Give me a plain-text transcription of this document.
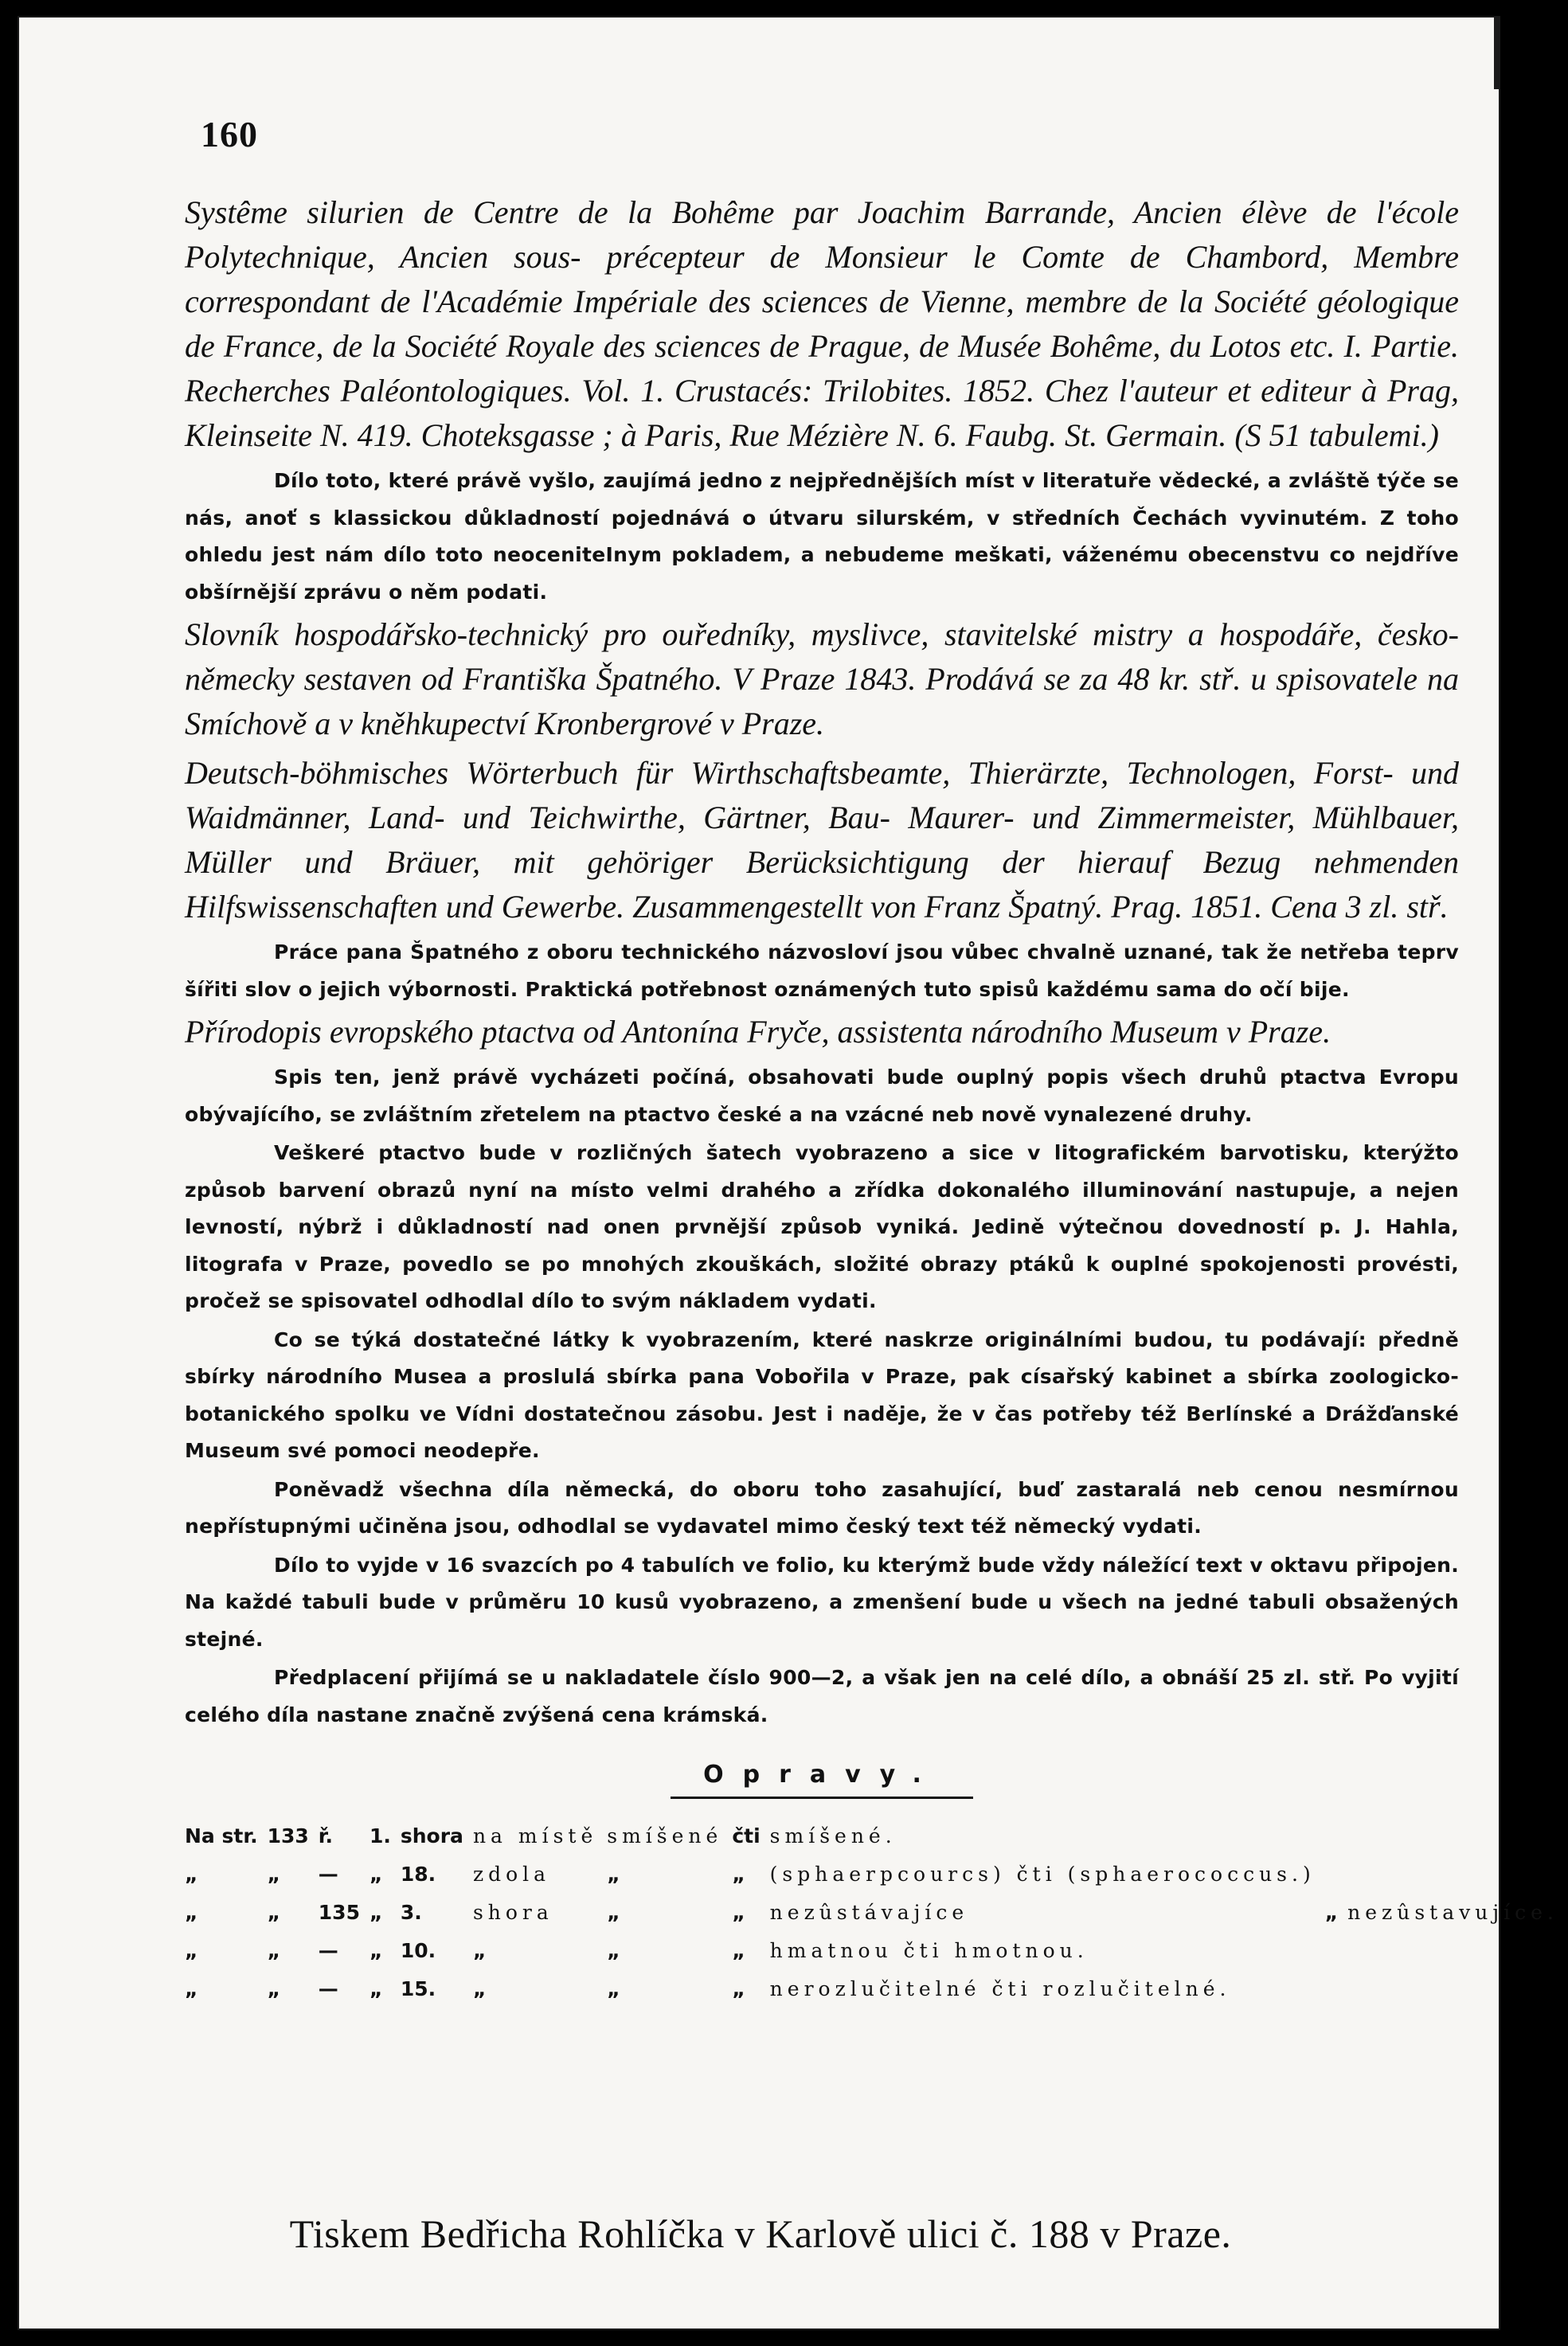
160

Systême silurien de Centre de la Bohême par Joachim Barrande, Ancien élève de l'école Polytechnique, Ancien sous- précepteur de Monsieur le Comte de Chambord, Membre correspondant de l'Académie Impériale des sciences de Vienne, membre de la Société géologique de France, de la Société Royale des sciences de Prague, de Musée Bohême, du Lotos etc. I. Partie. Recherches Paléontologiques. Vol. 1. Crustacés: Trilobites. 1852. Chez l'auteur et editeur à Prag, Kleinseite N. 419. Choteksgasse ; à Paris, Rue Mézière N. 6. Faubg. St. Germain. (S 51 tabulemi.)

Dílo toto, které právě vyšlo, zaujímá jedno z nejpřednějších míst v literatuře vědecké, a zvláště týče se nás, anoť s klassickou důkladností pojednává o útvaru silurském, v středních Čechách vyvinutém. Z toho ohledu jest nám dílo toto neoceniteInym pokladem, a nebudeme meškati, váženému obecenstvu co nejdříve obšírnější zprávu o něm podati.

Slovník hospodářsko-technický pro ouředníky, myslivce, stavitelské mistry a hospodáře, česko-německy sestaven od Františka Špatného. V Praze 1843. Prodává se za 48 kr. stř. u spisovatele na Smíchově a v kněhkupectví Kronbergrové v Praze.

Deutsch-böhmisches Wörterbuch für Wirthschaftsbeamte, Thierärzte, Technologen, Forst- und Waidmänner, Land- und Teichwirthe, Gärtner, Bau- Maurer- und Zimmermeister, Mühlbauer, Müller und Bräuer, mit gehöriger Berücksichtigung der hierauf Bezug nehmenden Hilfswissenschaften und Gewerbe. Zusammengestellt von Franz Špatný. Prag. 1851. Cena 3 zl. stř.

Práce pana Špatného z oboru technického názvosloví jsou vůbec chvalně uznané, tak že netřeba teprv šířiti slov o jejich výbornosti. Praktická potřebnost oznámených tuto spisů každému sama do očí bije.

Přírodopis evropského ptactva od Antonína Fryče, assistenta národního Museum v Praze.

Spis ten, jenž právě vycházeti počíná, obsahovati bude ouplný popis všech druhů ptactva Evropu obývajícího, se zvláštním zřetelem na ptactvo české a na vzácné neb nově vynalezené druhy.

Veškeré ptactvo bude v rozličných šatech vyobrazeno a sice v litografickém barvotisku, kterýžto způsob barvení obrazů nyní na místo velmi drahého a zřídka dokonalého illuminování nastupuje, a nejen levností, nýbrž i důkladností nad onen prvnější způsob vyniká. Jedině výtečnou dovedností p. J. Hahla, litografa v Praze, povedlo se po mnohých zkouškách, složité obrazy ptáků k ouplné spokojenosti provésti, pročež se spisovatel odhodlal dílo to svým nákladem vydati.

Co se týká dostatečné látky k vyobrazením, které naskrze originálními budou, tu podávají: předně sbírky národního Musea a proslulá sbírka pana Vobořila v Praze, pak císařský kabinet a sbírka zoologicko-botanického spolku ve Vídni dostatečnou zásobu. Jest i naděje, že v čas potřeby též Berlínské a Drážďanské Museum své pomoci neodepře.

Poněvadž všechna díla německá, do oboru toho zasahující, buď zastaralá neb cenou nesmírnou nepřístupnými učiněna jsou, odhodlal se vydavatel mimo český text též německý vydati.

Dílo to vyjde v 16 svazcích po 4 tabulích ve folio, ku kterýmž bude vždy náležící text v oktavu připojen. Na každé tabuli bude v průměru 10 kusů vyobrazeno, a zmenšení bude u všech na jedné tabuli obsažených stejné.

Předplacení přijímá se u nakladatele číslo 900—2, a však jen na celé dílo, a obnáší 25 zl. stř. Po vyjití celého díla nastane značně zvýšená cena krámská.

Opravy.
Na str.	133	ř.	1.	shora	na místě	smíšené	čti	smíšené.		
„	„	—	„	18.	zdola	„	„	(sphaerpcourcs) čti (sphaerococcus.)		
„	„	135	„	3.	shora	„	„	nezûstávajíce	„	nezûstavujíce.
„	„	—	„	10.	„	„	„	hmatnou čti hmotnou.		
„	„	—	„	15.	„	„	„	nerozlučitelné čti rozlučitelné.		
Tiskem Bedřicha Rohlíčka v Karlově ulici č. 188 v Praze.
